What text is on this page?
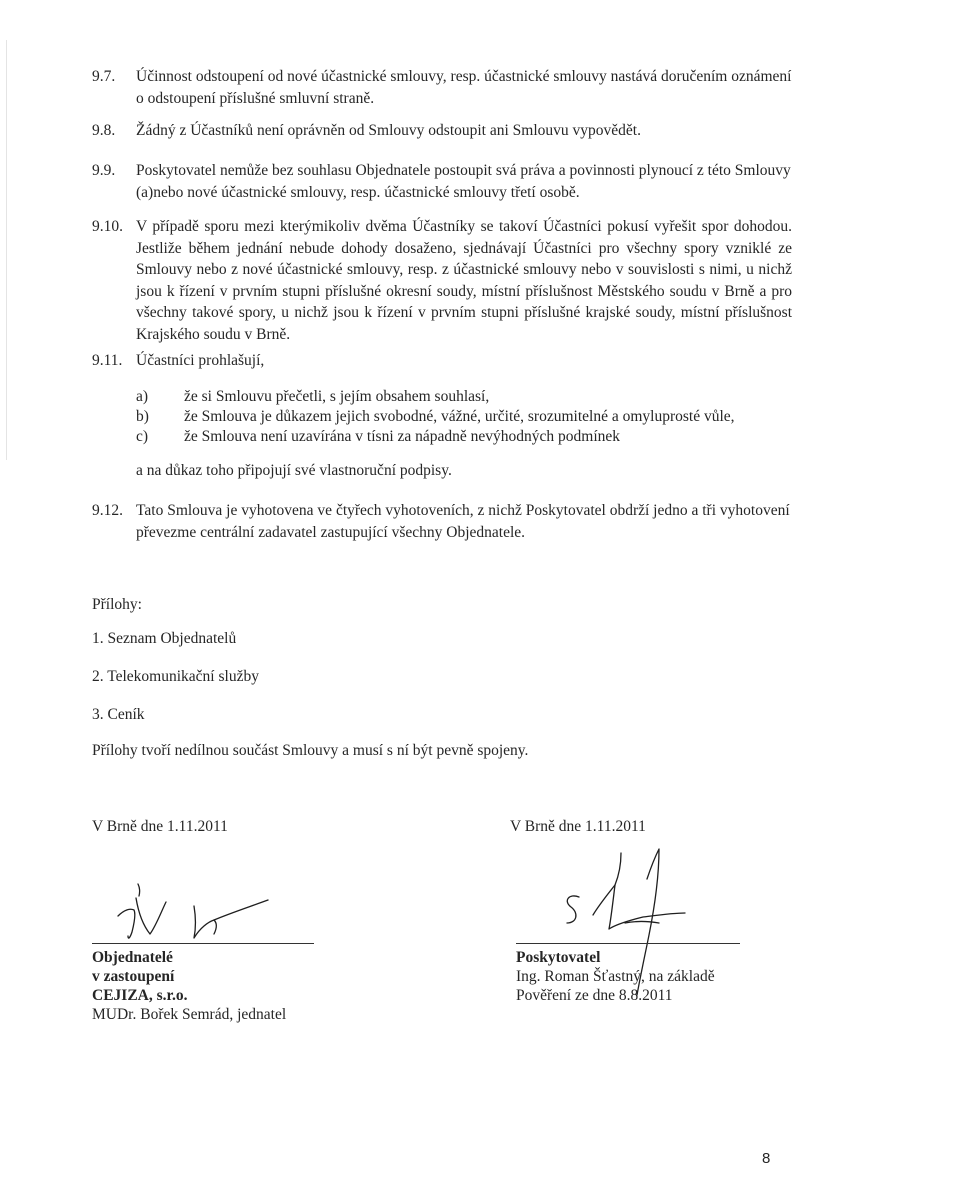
9.7. Účinnost odstoupení od nové účastnické smlouvy, resp. účastnické smlouvy nastává doručením oznámení o odstoupení příslušné smluvní straně.
9.8. Žádný z Účastníků není oprávněn od Smlouvy odstoupit ani Smlouvu vypovědět.
9.9. Poskytovatel nemůže bez souhlasu Objednatele postoupit svá práva a povinnosti plynoucí z této Smlouvy (a)nebo nové účastnické smlouvy, resp. účastnické smlouvy třetí osobě.
9.10. V případě sporu mezi kterýmikoliv dvěma Účastníky se takoví Účastníci pokusí vyřešit spor dohodou. Jestliže během jednání nebude dohody dosaženo, sjednávají Účastníci pro všechny spory vzniklé ze Smlouvy nebo z nové účastnické smlouvy, resp. z účastnické smlouvy nebo v souvislosti s nimi, u nichž jsou k řízení v prvním stupni příslušné okresní soudy, místní příslušnost Městského soudu v Brně a pro všechny takové spory, u nichž jsou k řízení v prvním stupni příslušné krajské soudy, místní příslušnost Krajského soudu v Brně.
9.11. Účastníci prohlašují,
a) že si Smlouvu přečetli, s jejím obsahem souhlasí,
b) že Smlouva je důkazem jejich svobodné, vážné, určité, srozumitelné a omyluprosté vůle,
c) že Smlouva není uzavírána v tísni za nápadně nevýhodných podmínek
a na důkaz toho připojují své vlastnoruční podpisy.
9.12. Tato Smlouva je vyhotovena ve čtyřech vyhotoveních, z nichž Poskytovatel obdrží jedno a tři vyhotovení převezme centrální zadavatel zastupující všechny Objednatele.
Přílohy:
1. Seznam Objednatelů
2. Telekomunikační služby
3. Ceník
Přílohy tvoří nedílnou součást Smlouvy a musí s ní být pevně spojeny.
V Brně dne 1.11.2011	V Brně dne 1.11.2011
Objednatelé
v zastoupení
CEJIZA, s.r.o.
MUDr. Bořek Semrád, jednatel
Poskytovatel
Ing. Roman Šťastný, na základě
Pověření ze dne 8.8.2011
8
